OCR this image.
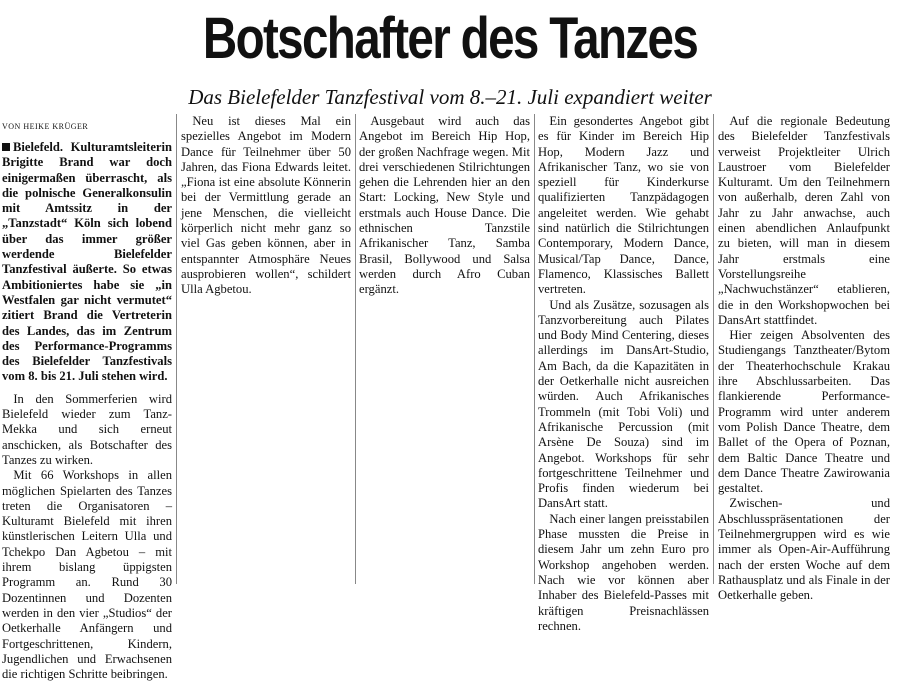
Botschafter des Tanzes
Das Bielefelder Tanzfestival vom 8.–21. Juli expandiert weiter
VON HEIKE KRÜGER

Bielefeld. Kulturamtsleiterin Brigitte Brand war doch einigermaßen überrascht, als die polnische Generalkonsulin mit Amtssitz in der „Tanzstadt“ Köln sich lobend über das immer größer werdende Bielefelder Tanzfestival äußerte. So etwas Ambitioniertes habe sie „in Westfalen gar nicht vermutet“ zitiert Brand die Vertreterin des Landes, das im Zentrum des Performance-Programms des Bielefelder Tanzfestivals vom 8. bis 21. Juli stehen wird.

In den Sommerferien wird Bielefeld wieder zum Tanz-Mekka und sich erneut anschicken, als Botschafter des Tanzes zu wirken.

Mit 66 Workshops in allen möglichen Spielarten des Tanzes treten die Organisatoren – Kulturamt Bielefeld mit ihren künstlerischen Leitern Ulla und Tchekpo Dan Agbetou – mit ihrem bislang üppigsten Programm an. Rund 30 Dozentinnen und Dozenten werden in den vier „Studios“ der Oetkerhalle Anfängern und Fortgeschrittenen, Kindern, Jugendlichen und Erwachsenen die richtigen Schritte beibringen.

Neu ist dieses Mal ein spezielles Angebot im Modern Dance für Teilnehmer über 50 Jahren, das Fiona Edwards leitet. „Fiona ist eine absolute Könnerin bei der Vermittlung gerade an jene Menschen, die vielleicht körperlich nicht mehr ganz so viel Gas geben können, aber in entspannter Atmosphäre Neues ausprobieren wollen“, schildert Ulla Agbetou.

Ausgebaut wird auch das Angebot im Bereich Hip Hop, der großen Nachfrage wegen. Mit drei verschiedenen Stilrichtungen gehen die Lehrenden hier an den Start: Locking, New Style und erstmals auch House Dance. Die ethnischen Tanzstile Afrikanischer Tanz, Samba Brasil, Bollywood und Salsa werden durch Afro Cuban ergänzt.

Ein gesondertes Angebot gibt es für Kinder im Bereich Hip Hop, Modern Jazz und Afrikanischer Tanz, wo sie von speziell für Kinderkurse qualifizierten Tanzpädagogen angeleitet werden. Wie gehabt sind natürlich die Stilrichtungen Contemporary, Modern Dance, Musical/Tap Dance, Dance, Flamenco, Klassisches Ballett vertreten.

Und als Zusätze, sozusagen als Tanzvorbereitung auch Pilates und Body Mind Centering, dieses allerdings im DansArt-Studio, Am Bach, da die Kapazitäten in der Oetkerhalle nicht ausreichen würden. Auch Afrikanisches Trommeln (mit Tobi Voli) und Afrikanische Percussion (mit Arsène De Souza) sind im Angebot. Workshops für sehr fortgeschrittene Teilnehmer und Profis finden wiederum bei DansArt statt.

Nach einer langen preisstabilen Phase mussten die Preise in diesem Jahr um zehn Euro pro Workshop angehoben werden. Nach wie vor können aber Inhaber des Bielefeld-Passes mit kräftigen Preisnachlässen rechnen.

Auf die regionale Bedeutung des Bielefelder Tanzfestivals verweist Projektleiter Ulrich Laustroer vom Bielefelder Kulturamt. Um den Teilnehmern von außerhalb, deren Zahl von Jahr zu Jahr anwachse, auch einen abendlichen Anlaufpunkt zu bieten, will man in diesem Jahr erstmals eine Vorstellungsreihe „Nachwuchstänzer“ etablieren, die in den Workshopwochen bei DansArt stattfindet.

Hier zeigen Absolventen des Studiengangs Tanztheater/Bytom der Theaterhochschule Krakau ihre Abschlussarbeiten. Das flankierende Performance-Programm wird unter anderem vom Polish Dance Theatre, dem Ballet of the Opera of Poznan, dem Baltic Dance Theatre und dem Dance Theatre Zawirowania gestaltet.

Zwischen- und Abschlusspräsentationen der Teilnehmergruppen wird es wie immer als Open-Air-Aufführung nach der ersten Woche auf dem Rathausplatz und als Finale in der Oetkerhalle geben.
